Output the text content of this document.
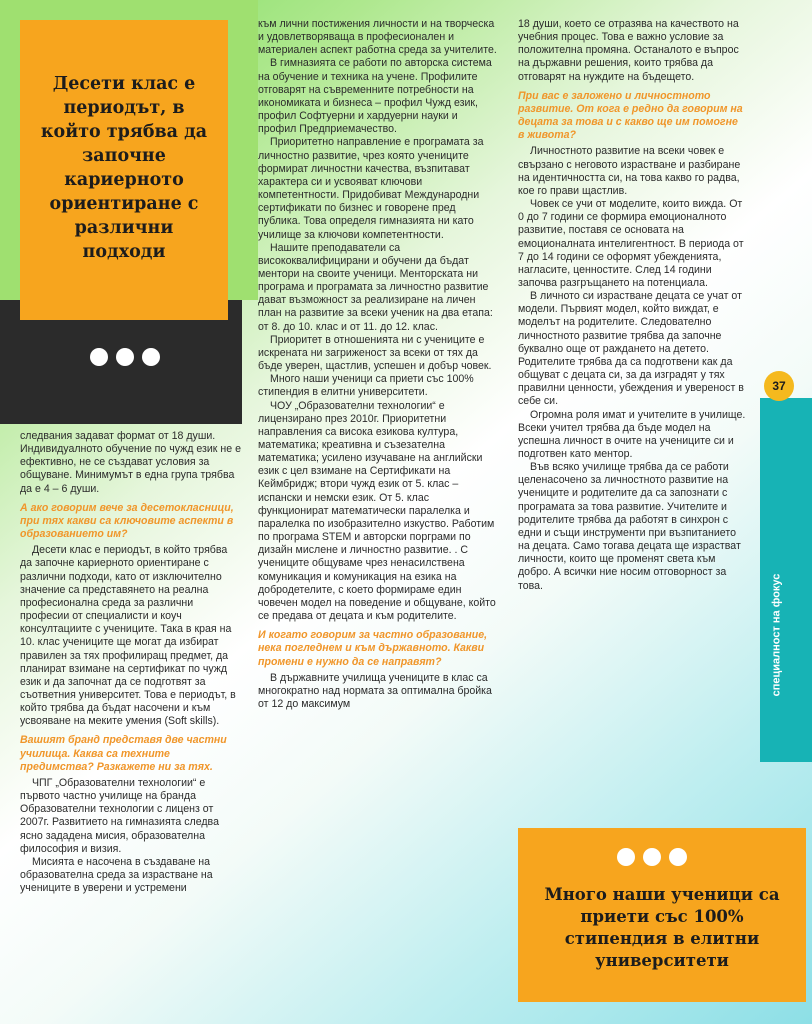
Десети клас е периодът, в който трябва да започне кариерното ориентиране с различни подходи

следвания задават формат от 18 души. Индивидуалното обучение по чужд език не е ефективно, не се създават условия за общуване. Минимумът в една група трябва да е 4 – 6 души.

А ако говорим вече за десетокласници, при тях какви са ключовите аспекти в образованието им?

Десети клас е периодът, в който трябва да започне кариерното ориентиране с различни подходи, като от изключително значение са представянето на реална професионална среда за различни професии от специалисти и коуч консултациите с учениците. Така в края на 10. клас учениците ще могат да избират правилен за тях профилиращ предмет, да планират взимане на сертификат по чужд език и да започнат да се подготвят за съответния университет. Това е периодът, в който трябва да бъдат насочени и към усвояване на меките умения (Soft skills).

Вашият бранд представя две частни училища. Каква са техните предимства? Разкажете ни за тях.

ЧПГ „Образователни технологии“ е първото частно училище на бранда Образователни технологии с лиценз от 2007г. Развитието на гимназията следва ясно зададена мисия, образователна философия и визия.

Мисията е насочена в създаване на образователна среда за израстване на учениците в уверени и устремени

към лични постижения личности и на творческа и удовлетворяваща в професионален и материален аспект работна среда за учителите.

В гимназията се работи по авторска система на обучение и техника на учене. Профилите отговарят на съвременните потребности на икономиката и бизнеса – профил Чужд език, профил Софтуерни и хардуерни науки и профил Предприемачество.

Приоритетно направление е програмата за личностно развитие, чрез която учениците формират личностни качества, възпитават характера си и усвояват ключови компетентности. Придобиват Международни сертификати по бизнес и говорене пред публика. Това определя гимназията ни като училище за ключови компетентности.

Нашите преподаватели са висококвалифицирани и обучени да бъдат ментори на своите ученици. Менторската ни програма и програмата за личностно развитие дават възможност за реализиране на личен план на развитие за всеки ученик на два етапа: от 8. до 10. клас и от 11. до 12. клас.

Приоритет в отношенията ни с учениците е искрената ни загриженост за всеки от тях да бъде уверен, щастлив, успешен и добър човек.

Много наши ученици са приети със 100% стипендия в елитни университети.

ЧОУ „Образователни технологии“ е лицензирано през 2010г. Приоритетни направления са висока езикова култура, математика; креативна и съзезателна математика; усилено изучаване на английски език с цел взимане на Сертификати на Кеймбридж; втори чужд език от 5. клас – испански и немски език. От 5. клас функционират математически паралелка и паралелка по изобразително изкуство. Работим по програма STEM и авторски порграми по дизайн мислене и личностно развитие. . С учениците общуваме чрез ненасилствена комуникация и комуникация на езика на добродетелите, с което формираме един човечен модел на поведение и общуване, който се предава от децата и към родителите.

И когато говорим за частно образование, нека погледнем и към държавното. Какви промени е нужно да се направят?

В държавните училища учениците в клас са многократно над нормата за оптимална бройка от 12 до максимум

18 души, което се отразява на качеството на учебния процес. Това е важно условие за положителна промяна. Останалото е въпрос на държавни решения, които трябва да отговарят на нуждите на бъдещето.

При вас е заложено и личностното развитие. От кога е редно да говорим на децата за това и с какво ще им помогне в живота?

Личностното развитие на всеки човек е свързано с неговото израстване и разбиране на идентичността си, на това какво го радва, кое го прави щастлив.

Човек се учи от моделите, които вижда. От 0 до 7 години се формира емоционалното развитие, поставя се основата на емоционалната интелигентност. В периода от 7 до 14 години се оформят убежденията, нагласите, ценностите. След 14 години започва разгръщането на потенциала.

В личното си израстване децата се учат от модели. Първият модел, който виждат, е моделът на родителите. Следователно личностното развитие трябва да започне буквално още от раждането на детето. Родителите трябва да са подготвени как да общуват с децата си, за да изградят у тях правилни ценности, убеждения и увереност в себе си.

Огромна роля имат и учителите в училище. Всеки учител трябва да бъде модел на успешна личност в очите на учениците си и подготвен като ментор.

Във всяко училище трябва да се работи целенасочено за личностното развитие на учениците и родителите да са запознати с програмата за това развитие. Учителите и родителите трябва да работят в синхрон с едни и същи инструменти при възпитанието на децата. Само тогава децата ще израстват личности, които ще променят света към добро. А всички ние носим отговорност за това.

37
специалност на фокус
Много наши ученици са приети със 100% стипендия в елитни университети
